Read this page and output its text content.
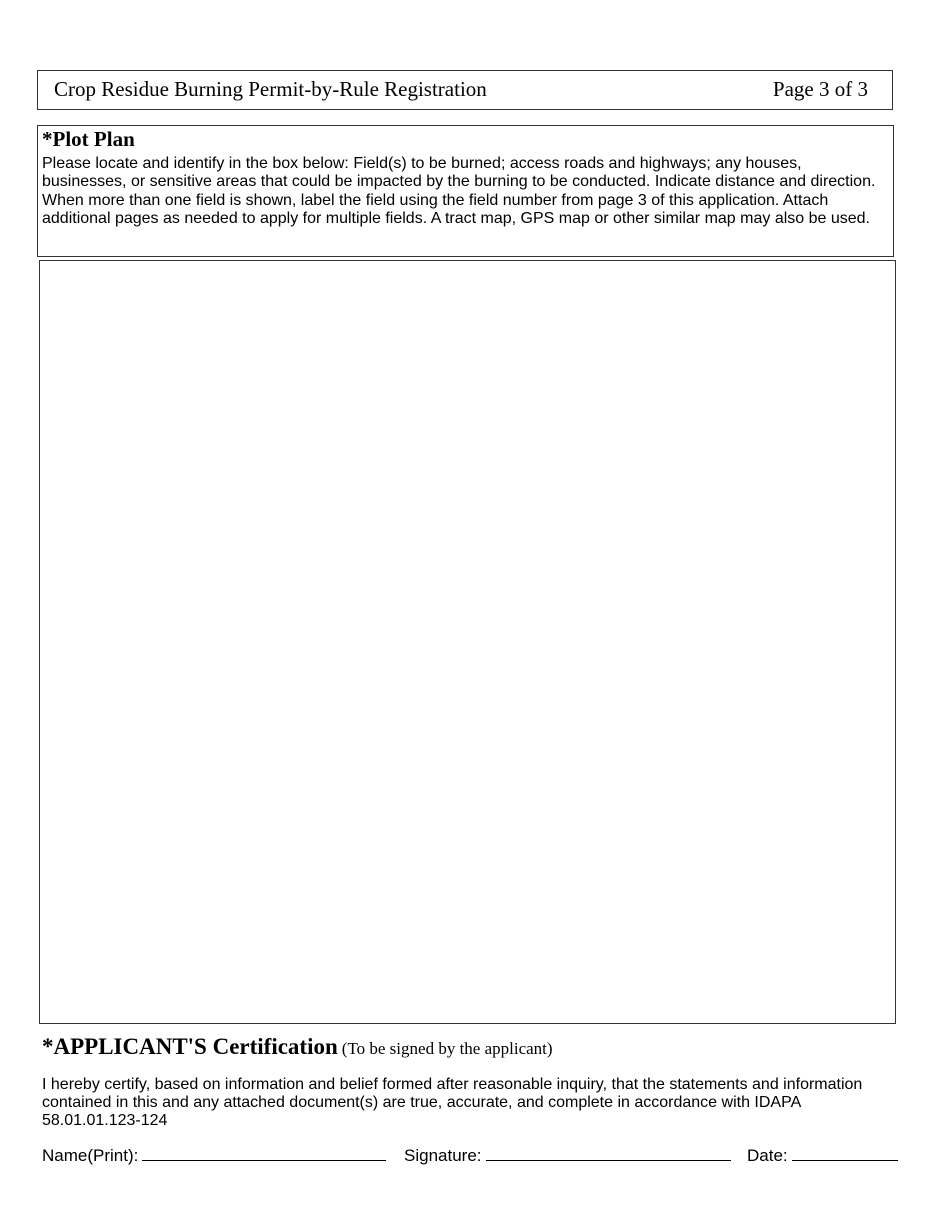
Crop Residue Burning Permit-by-Rule Registration	Page 3 of 3
*Plot Plan
Please locate and identify in the box below: Field(s) to be burned; access roads and highways; any houses, businesses, or sensitive areas that could be impacted by the burning to be conducted. Indicate distance and direction. When more than one field is shown, label the field using the field number from page 3 of this application. Attach additional pages as needed to apply for multiple fields. A tract map, GPS map or other similar map may also be used.
*APPLICANT'S Certification (To be signed by the applicant)
I hereby certify, based on information and belief formed after reasonable inquiry, that the statements and information contained in this and any attached document(s) are true, accurate, and complete in accordance with IDAPA 58.01.01.123-124
Name(Print):	Signature:	Date:
